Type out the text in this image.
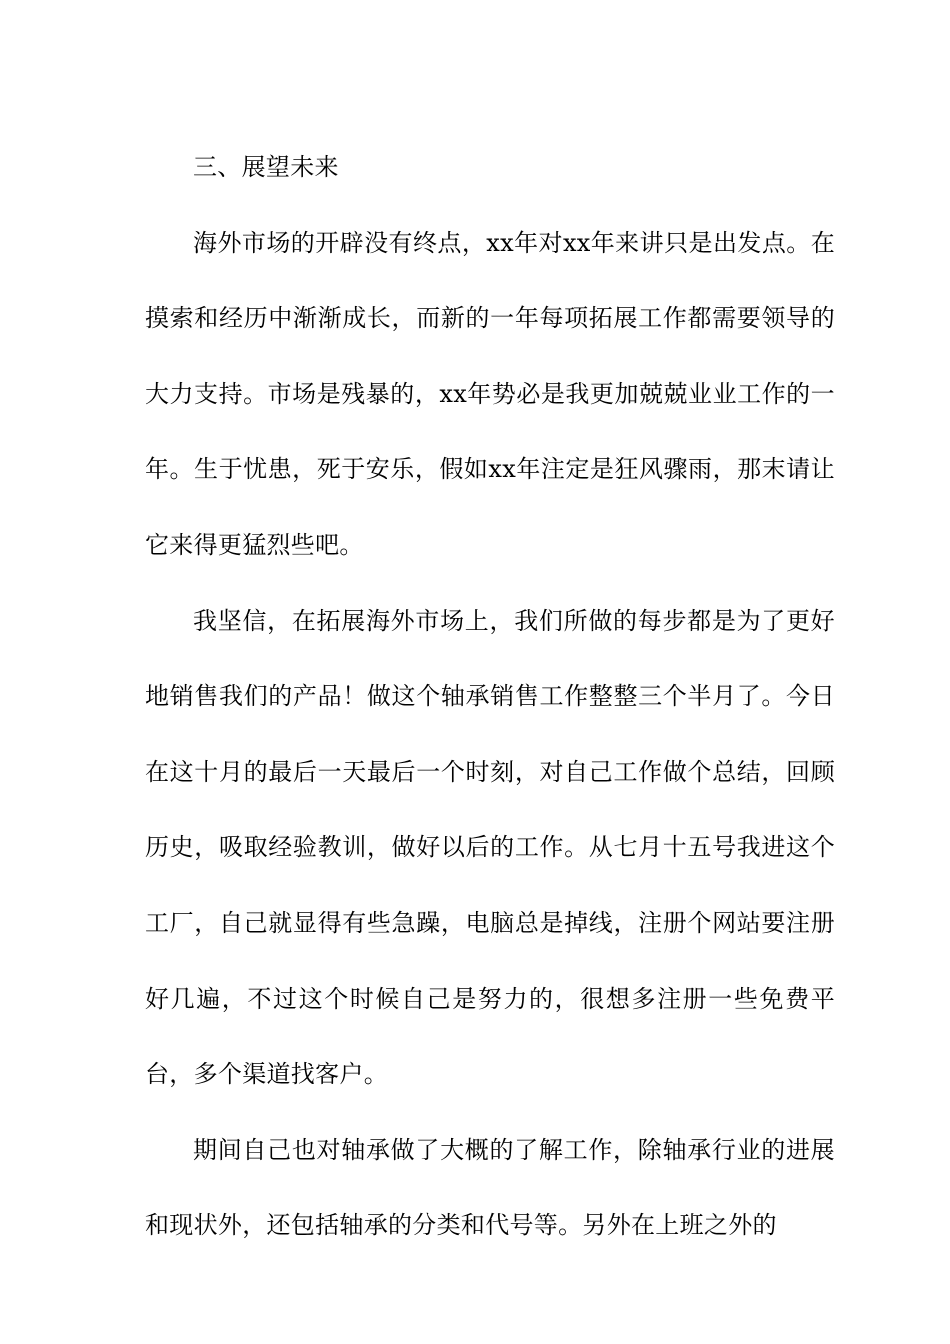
三、展望未来

海外市场的开辟没有终点，xx年对xx年来讲只是出发点。在摸索和经历中渐渐成长，而新的一年每项拓展工作都需要领导的大力支持。市场是残暴的，xx年势必是我更加兢兢业业工作的一年。生于忧患，死于安乐，假如xx年注定是狂风骤雨，那末请让它来得更猛烈些吧。

我坚信，在拓展海外市场上，我们所做的每步都是为了更好地销售我们的产品！做这个轴承销售工作整整三个半月了。今日在这十月的最后一天最后一个时刻，对自己工作做个总结，回顾历史，吸取经验教训，做好以后的工作。从七月十五号我进这个工厂，自己就显得有些急躁，电脑总是掉线，注册个网站要注册好几遍，不过这个时候自己是努力的，很想多注册一些免费平台，多个渠道找客户。

期间自己也对轴承做了大概的了解工作，除轴承行业的进展和现状外，还包括轴承的分类和代号等。另外在上班之外的
